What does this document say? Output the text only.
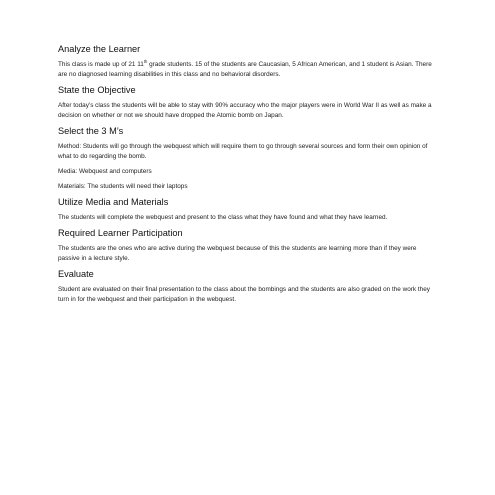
Analyze the Learner

This class is made up of 21 11th grade students. 15 of the students are Caucasian, 5 African American, and 1 student is Asian. There are no diagnosed learning disabilities in this class and no behavioral disorders.

State the Objective

After today’s class the students will be able to stay with 90% accuracy who the major players were in World War II as well as make a decision on whether or not we should have dropped the Atomic bomb on Japan.

Select the 3 M’s

Method: Students will go through the webquest which will require them to go through several sources and form their own opinion of what to do regarding the bomb.

Media: Webquest and computers

Materials: The students will need their laptops

Utilize Media and Materials

The students will complete the webquest and present to the class what they have found and what they have learned.

Required Learner Participation

The students are the ones who are active during the webquest because of this the students are learning more than if they were passive in a lecture style.

Evaluate

Student are evaluated on their final presentation to the class about the bombings and the students are also graded on the work they turn in for the webquest and their participation in the webquest.
